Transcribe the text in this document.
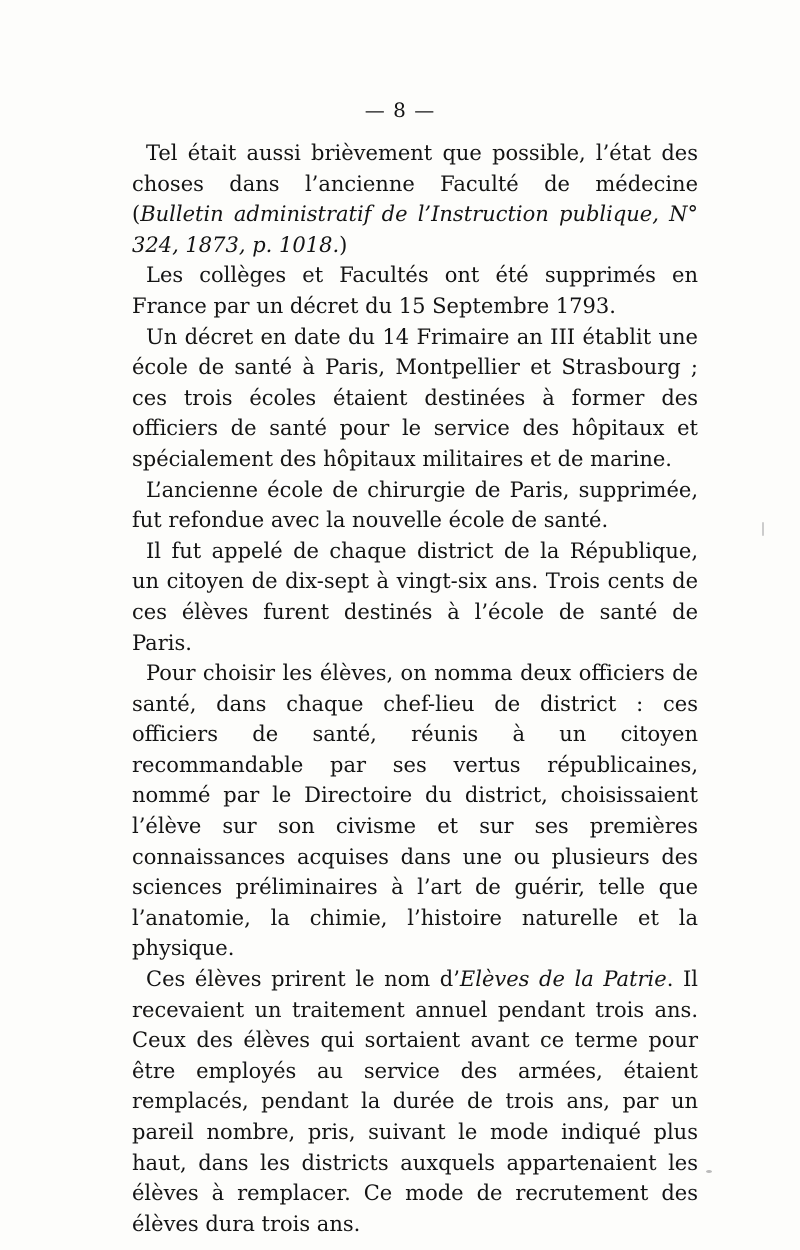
— 8 —

Tel était aussi brièvement que possible, l’état des choses dans l’ancienne Faculté de médecine (Bulletin administratif de l’Instruction publique, N° 324, 1873, p. 1018.)

Les collèges et Facultés ont été supprimés en France par un décret du 15 Septembre 1793.

Un décret en date du 14 Frimaire an III établit une école de santé à Paris, Montpellier et Strasbourg ; ces trois écoles étaient destinées à former des officiers de santé pour le service des hôpitaux et spécialement des hôpitaux militaires et de marine.

L’ancienne école de chirurgie de Paris, supprimée, fut refondue avec la nouvelle école de santé.

Il fut appelé de chaque district de la République, un citoyen de dix-sept à vingt-six ans. Trois cents de ces élèves furent destinés à l’école de santé de Paris.

Pour choisir les élèves, on nomma deux officiers de santé, dans chaque chef-lieu de district : ces officiers de santé, réunis à un citoyen recommandable par ses vertus républicaines, nommé par le Directoire du district, choisissaient l’élève sur son civisme et sur ses premières connaissances acquises dans une ou plusieurs des sciences préliminaires à l’art de guérir, telle que l’anatomie, la chimie, l’histoire naturelle et la physique.

Ces élèves prirent le nom d’Elèves de la Patrie. Il recevaient un traitement annuel pendant trois ans. Ceux des élèves qui sortaient avant ce terme pour être employés au service des armées, étaient remplacés, pendant la durée de trois ans, par un pareil nombre, pris, suivant le mode indiqué plus haut, dans les districts auxquels appartenaient les élèves à remplacer. Ce mode de recrutement des élèves dura trois ans.
